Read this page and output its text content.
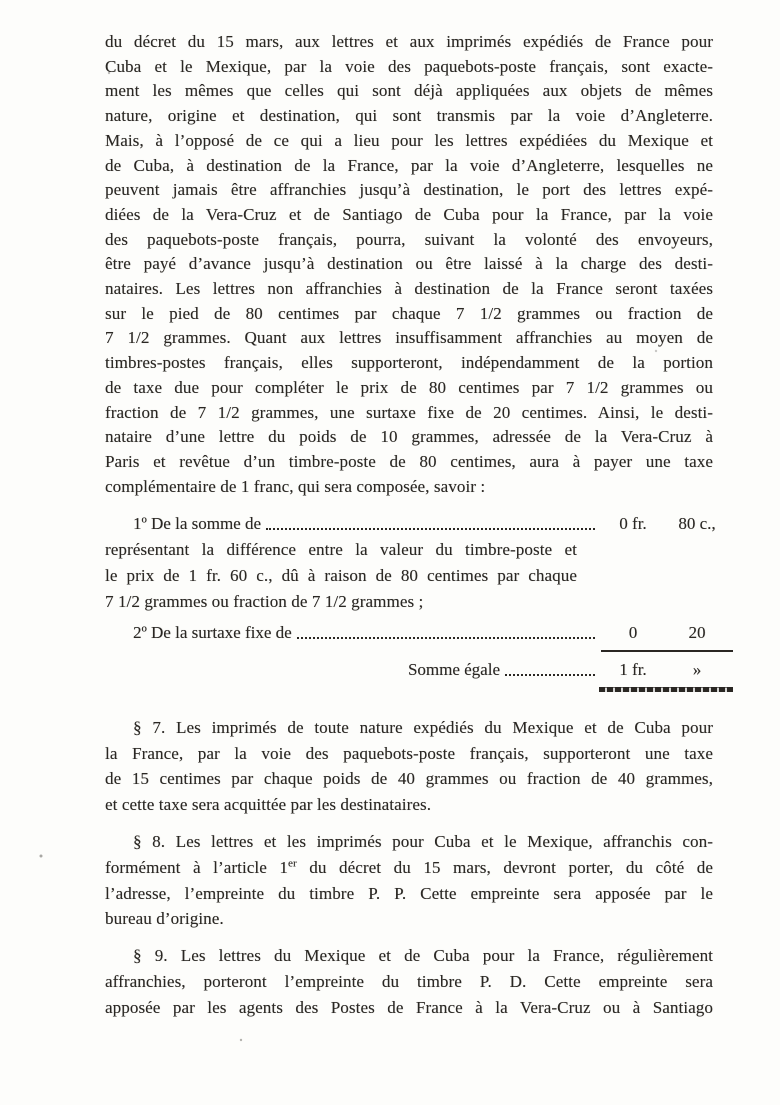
du décret du 15 mars, aux lettres et aux imprimés expédiés de France pour
Cuba et le Mexique, par la voie des paquebots-poste français, sont exacte-
ment les mêmes que celles qui sont déjà appliquées aux objets de mêmes
nature, origine et destination, qui sont transmis par la voie d’Angleterre.
Mais, à l’opposé de ce qui a lieu pour les lettres expédiées du Mexique et
de Cuba, à destination de la France, par la voie d’Angleterre, lesquelles ne
peuvent jamais être affranchies jusqu’à destination, le port des lettres expé-
diées de la Vera-Cruz et de Santiago de Cuba pour la France, par la voie
des paquebots-poste français, pourra, suivant la volonté des envoyeurs,
être payé d’avance jusqu’à destination ou être laissé à la charge des desti-
nataires. Les lettres non affranchies à destination de la France seront taxées
sur le pied de 80 centimes par chaque 7 1/2 grammes ou fraction de
7 1/2 grammes. Quant aux lettres insuffisamment affranchies au moyen de
timbres-postes français, elles supporteront, indépendamment de la portion
de taxe due pour compléter le prix de 80 centimes par 7 1/2 grammes ou
fraction de 7 1/2 grammes, une surtaxe fixe de 20 centimes. Ainsi, le desti-
nataire d’une lettre du poids de 10 grammes, adressée de la Vera-Cruz à
Paris et revêtue d’un timbre-poste de 80 centimes, aura à payer une taxe
complémentaire de 1 franc, qui sera composée, savoir :
1º De la somme de	0 fr.	80 c.,
représentant la différence entre la valeur du timbre-poste et
le prix de 1 fr. 60 c., dû à raison de 80 centimes par chaque
7 1/2 grammes ou fraction de 7 1/2 grammes ;
2º De la surtaxe fixe de	0	20
Somme égale	1 fr.	»
§ 7. Les imprimés de toute nature expédiés du Mexique et de Cuba pour
la France, par la voie des paquebots-poste français, supporteront une taxe
de 15 centimes par chaque poids de 40 grammes ou fraction de 40 grammes,
et cette taxe sera acquittée par les destinataires.
§ 8. Les lettres et les imprimés pour Cuba et le Mexique, affranchis con-
formément à l’article 1er du décret du 15 mars, devront porter, du côté de
l’adresse, l’empreinte du timbre P. P. Cette empreinte sera apposée par le
bureau d’origine.
§ 9. Les lettres du Mexique et de Cuba pour la France, régulièrement
affranchies, porteront l’empreinte du timbre P. D. Cette empreinte sera
apposée par les agents des Postes de France à la Vera-Cruz ou à Santiago
